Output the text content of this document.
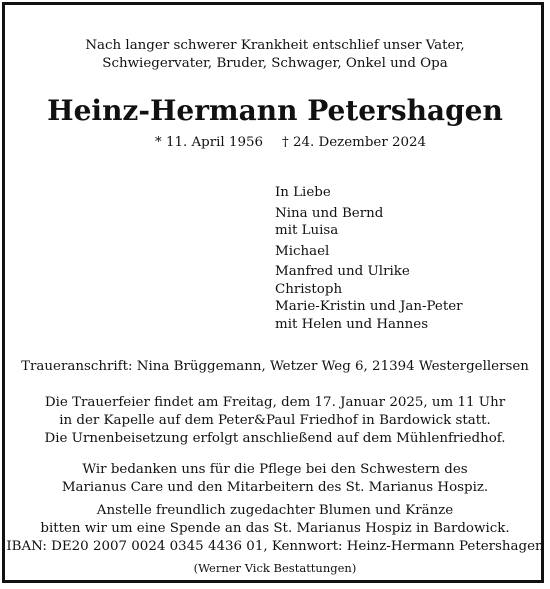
Nach langer schwerer Krankheit entschlief unser Vater,
Schwiegervater, Bruder, Schwager, Onkel und Opa
Heinz-Hermann Petershagen
* 11. April 1956 † 24. Dezember 2024
In Liebe
Nina und Bernd
mit Luisa
Michael
Manfred und Ulrike
Christoph
Marie-Kristin und Jan-Peter
mit Helen und Hannes
Traueranschrift: Nina Brüggemann, Wetzer Weg 6, 21394 Westergellersen
Die Trauerfeier findet am Freitag, dem 17. Januar 2025, um 11 Uhr
in der Kapelle auf dem Peter&Paul Friedhof in Bardowick statt.
Die Urnenbeisetzung erfolgt anschließend auf dem Mühlenfriedhof.
Wir bedanken uns für die Pflege bei den Schwestern des
Marianus Care und den Mitarbeitern des St. Marianus Hospiz.
Anstelle freundlich zugedachter Blumen und Kränze
bitten wir um eine Spende an das St. Marianus Hospiz in Bardowick.
IBAN: DE20 2007 0024 0345 4436 01, Kennwort: Heinz-Hermann Petershagen
(Werner Vick Bestattungen)
